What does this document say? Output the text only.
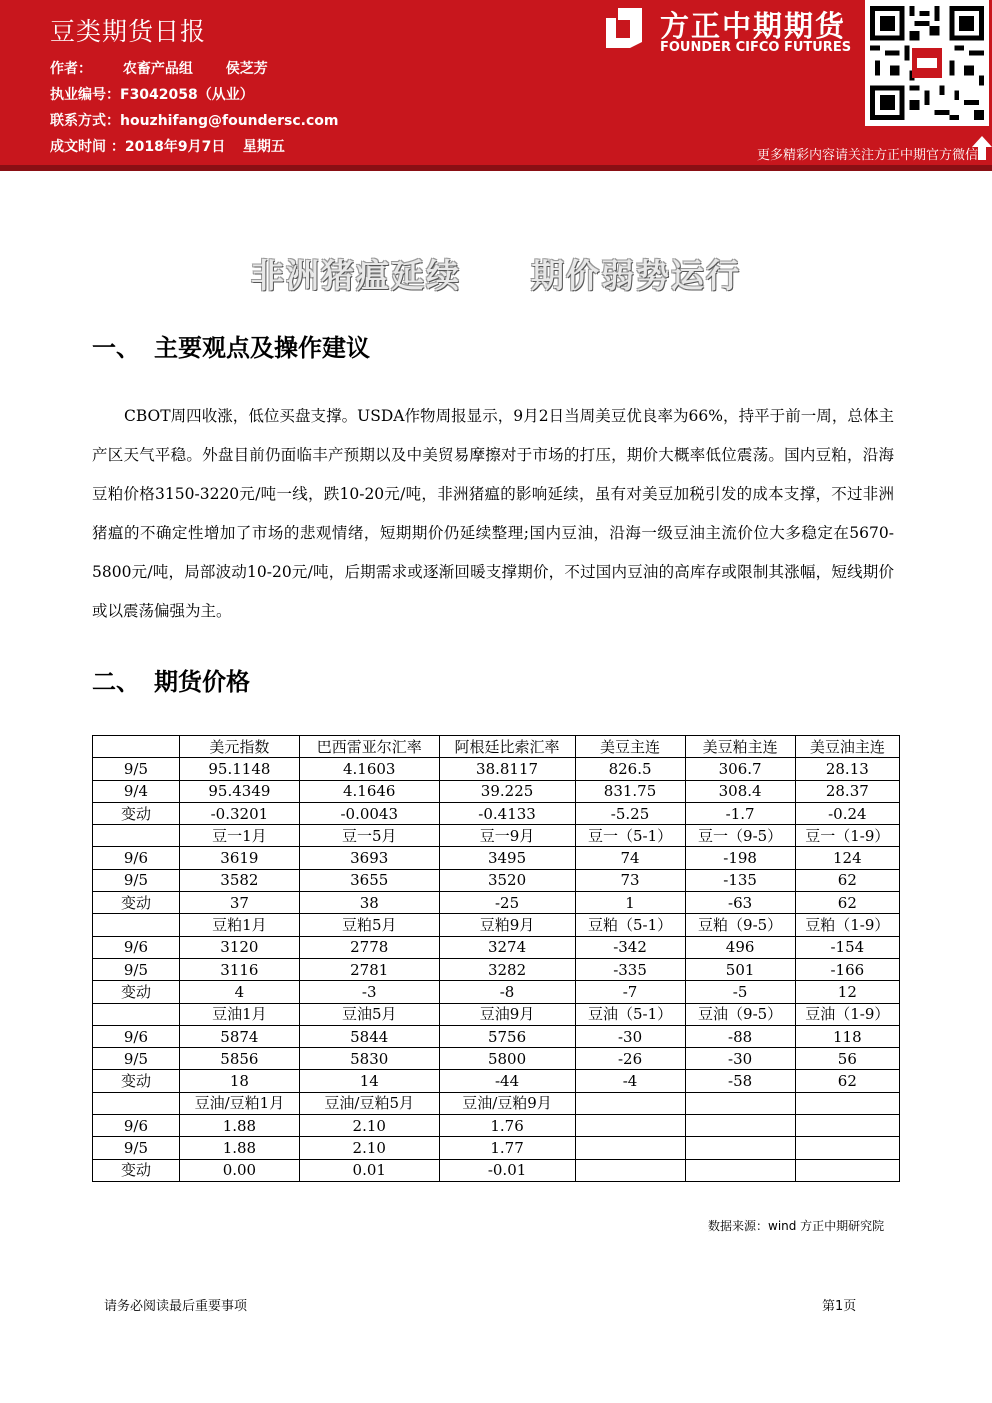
豆类期货日报
作者： 农畜产品组 侯芝芳
执业编号：F3042058（从业）
联系方式：houzhifang@foundersc.com
成文时间 ：2018年9月7日 星期五
方正中期期货
FOUNDER CIFCO FUTURES
更多精彩内容请关注方正中期官方微信
非洲猪瘟延续 期价弱势运行
一、 主要观点及操作建议
CBOT周四收涨，低位买盘支撑。USDA作物周报显示，9月2日当周美豆优良率为66%，持平于前一周，总体主产区天气平稳。外盘目前仍面临丰产预期以及中美贸易摩擦对于市场的打压，期价大概率低位震荡。国内豆粕，沿海豆粕价格3150-3220元/吨一线，跌10-20元/吨，非洲猪瘟的影响延续，虽有对美豆加税引发的成本支撑，不过非洲猪瘟的不确定性增加了市场的悲观情绪，短期期价仍延续整理;国内豆油，沿海一级豆油主流价位大多稳定在5670-5800元/吨，局部波动10-20元/吨，后期需求或逐渐回暖支撑期价，不过国内豆油的高库存或限制其涨幅，短线期价或以震荡偏强为主。
二、 期货价格
	美元指数	巴西雷亚尔汇率	阿根廷比索汇率	美豆主连	美豆粕主连	美豆油主连
9/5	95.1148	4.1603	38.8117	826.5	306.7	28.13
9/4	95.4349	4.1646	39.225	831.75	308.4	28.37
变动	-0.3201	-0.0043	-0.4133	-5.25	-1.7	-0.24
	豆一1月	豆一5月	豆一9月	豆一（5-1）	豆一（9-5）	豆一（1-9）
9/6	3619	3693	3495	74	-198	124
9/5	3582	3655	3520	73	-135	62
变动	37	38	-25	1	-63	62
	豆粕1月	豆粕5月	豆粕9月	豆粕（5-1）	豆粕（9-5）	豆粕（1-9）
9/6	3120	2778	3274	-342	496	-154
9/5	3116	2781	3282	-335	501	-166
变动	4	-3	-8	-7	-5	12
	豆油1月	豆油5月	豆油9月	豆油（5-1）	豆油（9-5）	豆油（1-9）
9/6	5874	5844	5756	-30	-88	118
9/5	5856	5830	5800	-26	-30	56
变动	18	14	-44	-4	-58	62
	豆油/豆粕1月	豆油/豆粕5月	豆油/豆粕9月			
9/6	1.88	2.10	1.76			
9/5	1.88	2.10	1.77			
变动	0.00	0.01	-0.01			
数据来源：wind 方正中期研究院
请务必阅读最后重要事项	第1页
